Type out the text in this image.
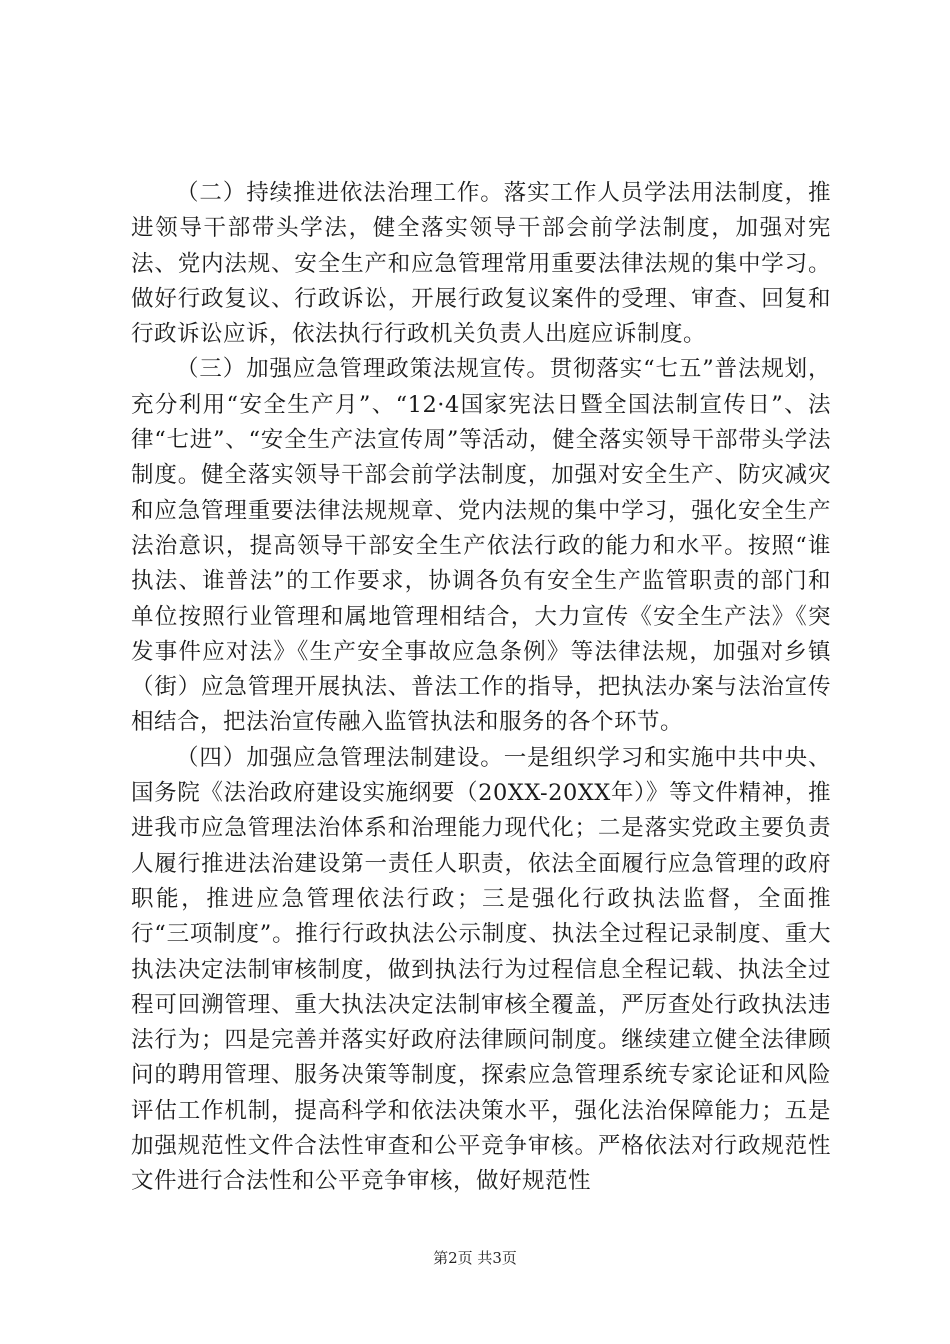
（二）持续推进依法治理工作。落实工作人员学法用法制度，推进领导干部带头学法，健全落实领导干部会前学法制度，加强对宪法、党内法规、安全生产和应急管理常用重要法律法规的集中学习。做好行政复议、行政诉讼，开展行政复议案件的受理、审查、回复和行政诉讼应诉，依法执行行政机关负责人出庭应诉制度。

（三）加强应急管理政策法规宣传。贯彻落实“七五”普法规划，充分利用“安全生产月”、“12·4国家宪法日暨全国法制宣传日”、法律“七进”、“安全生产法宣传周”等活动，健全落实领导干部带头学法制度。健全落实领导干部会前学法制度，加强对安全生产、防灾减灾和应急管理重要法律法规规章、党内法规的集中学习，强化安全生产法治意识，提高领导干部安全生产依法行政的能力和水平。按照“谁执法、谁普法”的工作要求，协调各负有安全生产监管职责的部门和单位按照行业管理和属地管理相结合，大力宣传《安全生产法》《突发事件应对法》《生产安全事故应急条例》等法律法规，加强对乡镇（街）应急管理开展执法、普法工作的指导，把执法办案与法治宣传相结合，把法治宣传融入监管执法和服务的各个环节。

（四）加强应急管理法制建设。一是组织学习和实施中共中央、国务院《法治政府建设实施纲要（20XX-20XX年）》等文件精神，推进我市应急管理法治体系和治理能力现代化；二是落实党政主要负责人履行推进法治建设第一责任人职责，依法全面履行应急管理的政府职能，推进应急管理依法行政；三是强化行政执法监督，全面推行“三项制度”。推行行政执法公示制度、执法全过程记录制度、重大执法决定法制审核制度，做到执法行为过程信息全程记载、执法全过程可回溯管理、重大执法决定法制审核全覆盖，严厉查处行政执法违法行为；四是完善并落实好政府法律顾问制度。继续建立健全法律顾问的聘用管理、服务决策等制度，探索应急管理系统专家论证和风险评估工作机制，提高科学和依法决策水平，强化法治保障能力；五是加强规范性文件合法性审查和公平竞争审核。严格依法对行政规范性文件进行合法性和公平竞争审核，做好规范性

第2页 共3页
